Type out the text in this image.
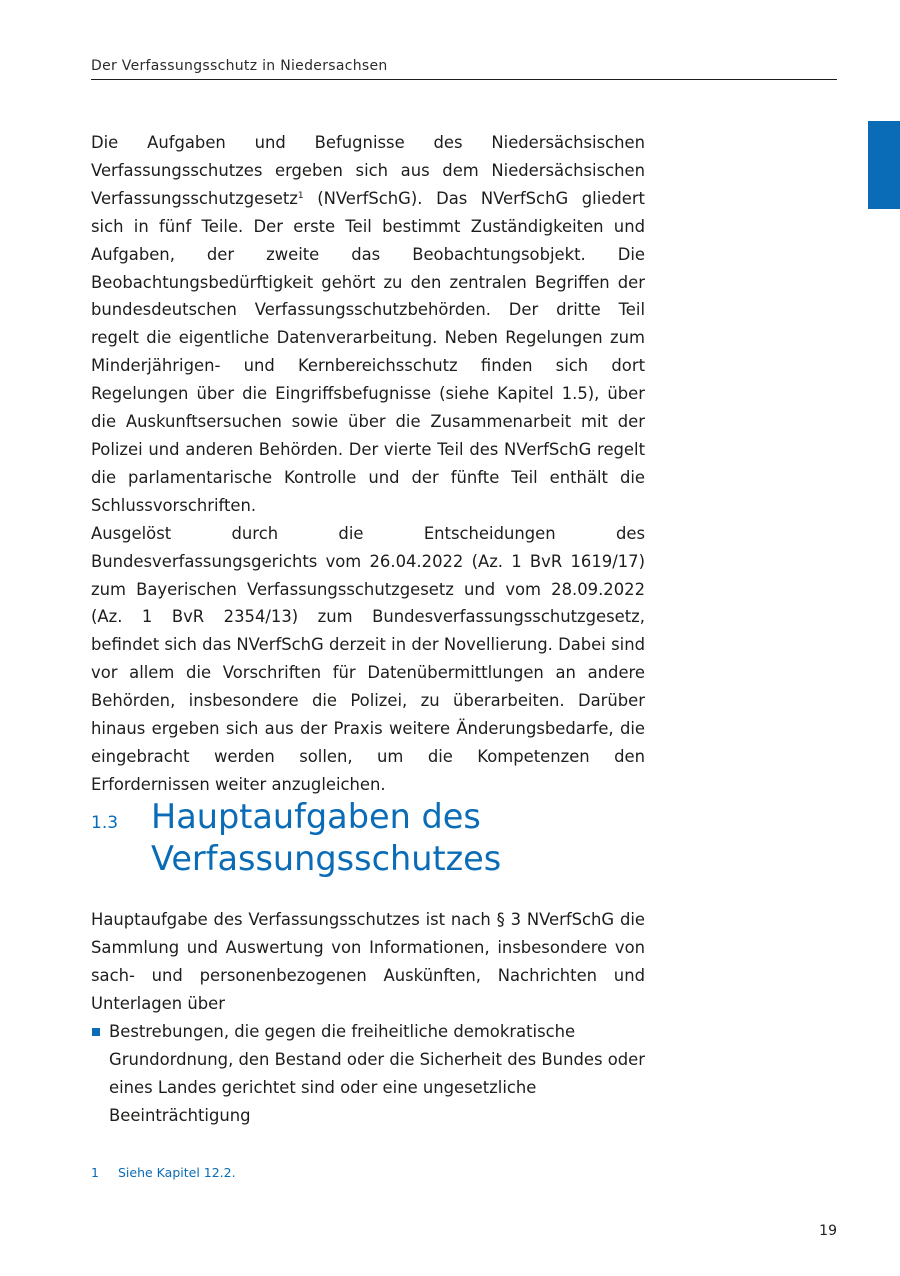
Der Verfassungsschutz in Niedersachsen

Die Aufgaben und Befugnisse des Niedersächsischen Verfassungsschutzes ergeben sich aus dem Niedersächsischen Verfassungsschutzgesetz$^1$ (NVerfSchG). Das NVerfSchG gliedert sich in fünf Teile. Der erste Teil bestimmt Zuständigkeiten und Aufgaben, der zweite das Beobachtungsobjekt. Die Beobachtungsbedürftigkeit gehört zu den zentralen Begriffen der bundesdeutschen Verfassungsschutzbehörden. Der dritte Teil regelt die eigentliche Datenverarbeitung. Neben Regelungen zum Minderjährigen- und Kernbereichsschutz finden sich dort Regelungen über die Eingriffsbefugnisse (siehe Kapitel 1.5), über die Auskunftsersuchen sowie über die Zusammenarbeit mit der Polizei und anderen Behörden. Der vierte Teil des NVerfSchG regelt die parlamentarische Kontrolle und der fünfte Teil enthält die Schlussvorschriften.

Ausgelöst durch die Entscheidungen des Bundesverfassungsgerichts vom 26.04.2022 (Az. 1 BvR 1619/17) zum Bayerischen Verfassungsschutzgesetz und vom 28.09.2022 (Az. 1 BvR 2354/13) zum Bundesverfassungsschutzgesetz, befindet sich das NVerfSchG derzeit in der Novellierung. Dabei sind vor allem die Vorschriften für Datenübermittlungen an andere Behörden, insbesondere die Polizei, zu überarbeiten. Darüber hinaus ergeben sich aus der Praxis weitere Änderungsbedarfe, die eingebracht werden sollen, um die Kompetenzen den Erfordernissen weiter anzugleichen.

1.3 Hauptaufgaben des
Verfassungsschutzes

Hauptaufgabe des Verfassungsschutzes ist nach § 3 NVerfSchG die Sammlung und Auswertung von Informationen, insbesondere von sach- und personenbezogenen Auskünften, Nachrichten und Unterlagen über

Bestrebungen, die gegen die freiheitliche demokratische Grundordnung, den Bestand oder die Sicherheit des Bundes oder eines Landes gerichtet sind oder eine ungesetzliche Beeinträchtigung
1 Siehe Kapitel 12.2.
19
